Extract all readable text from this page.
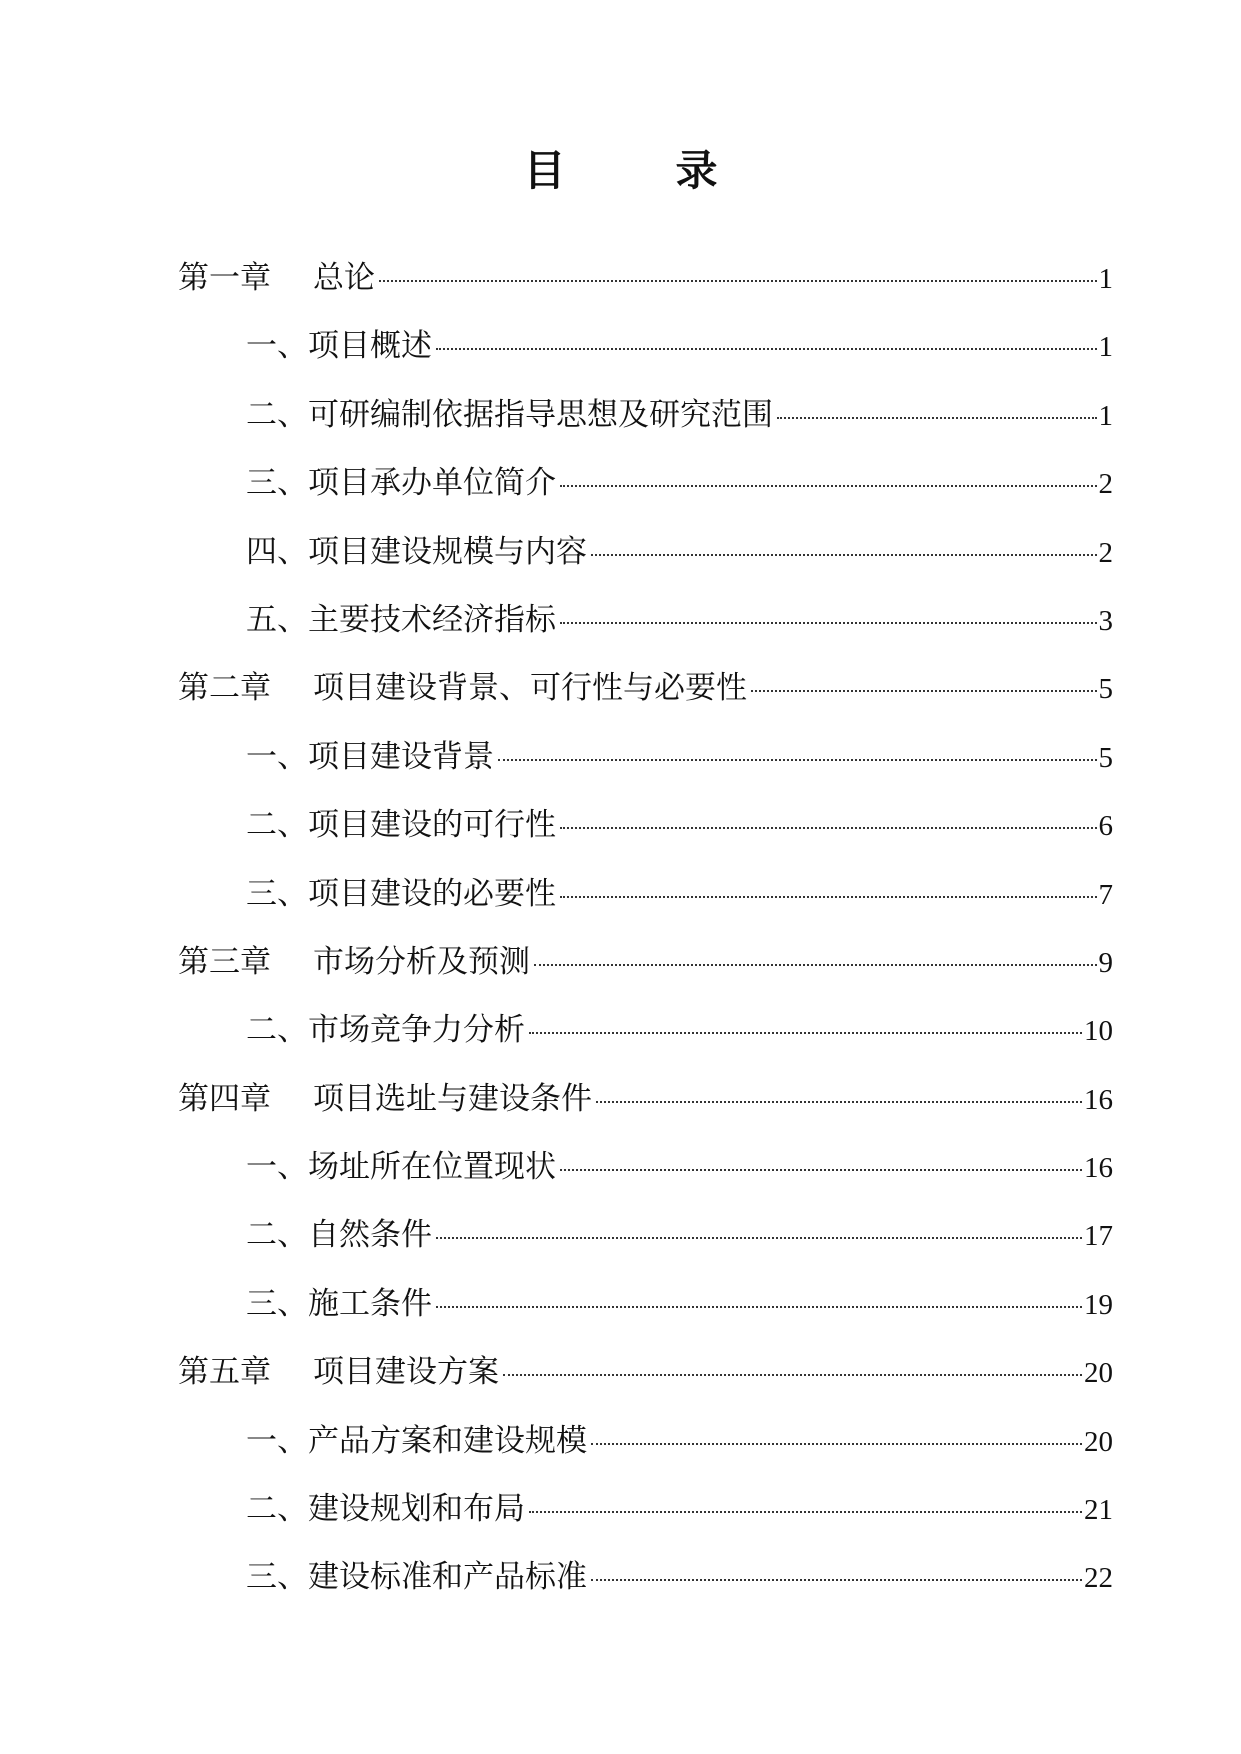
目	录
第一章	总论	1
一、项目概述	1
二、可研编制依据指导思想及研究范围	1
三、项目承办单位简介	2
四、项目建设规模与内容	2
五、主要技术经济指标	3
第二章	项目建设背景、可行性与必要性	5
一、项目建设背景	5
二、项目建设的可行性	6
三、项目建设的必要性	7
第三章	市场分析及预测	9
二、市场竞争力分析	10
第四章	项目选址与建设条件	16
一、场址所在位置现状	16
二、自然条件	17
三、施工条件	19
第五章	项目建设方案	20
一、产品方案和建设规模	20
二、建设规划和布局	21
三、建设标准和产品标准	22
